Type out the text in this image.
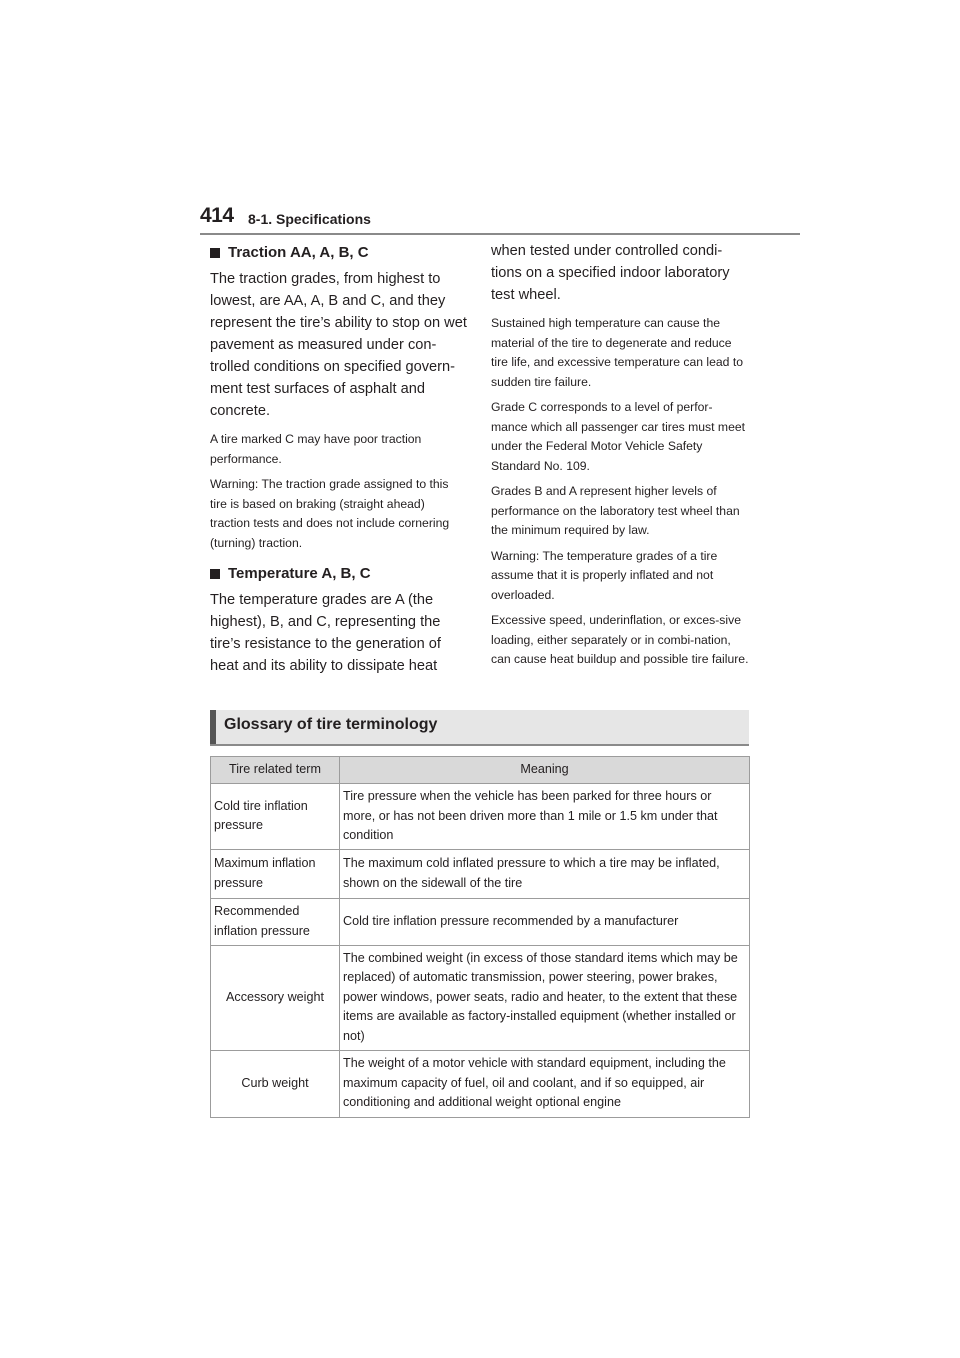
414 8-1. Specifications
Traction AA, A, B, C

The traction grades, from highest to lowest, are AA, A, B and C, and they represent the tire’s ability to stop on wet pavement as measured under con-trolled conditions on specified govern-ment test surfaces of asphalt and concrete.

A tire marked C may have poor traction performance.

Warning: The traction grade assigned to this tire is based on braking (straight ahead) traction tests and does not include cornering (turning) traction.

Temperature A, B, C

The temperature grades are A (the highest), B, and C, representing the tire’s resistance to the generation of heat and its ability to dissipate heat

when tested under controlled condi-tions on a specified indoor laboratory test wheel.

Sustained high temperature can cause the material of the tire to degenerate and reduce tire life, and excessive temperature can lead to sudden tire failure.

Grade C corresponds to a level of perfor-mance which all passenger car tires must meet under the Federal Motor Vehicle Safety Standard No. 109.

Grades B and A represent higher levels of performance on the laboratory test wheel than the minimum required by law.

Warning: The temperature grades of a tire assume that it is properly inflated and not overloaded.

Excessive speed, underinflation, or exces-sive loading, either separately or in combi-nation, can cause heat buildup and possible tire failure.

Glossary of tire terminology
Tire related term	Meaning
Cold tire inflation pressure	Tire pressure when the vehicle has been parked for three hours or more, or has not been driven more than 1 mile or 1.5 km under that condition
Maximum inflation pressure	The maximum cold inflated pressure to which a tire may be inflated, shown on the sidewall of the tire
Recommended inflation pressure	Cold tire inflation pressure recommended by a manufacturer
Accessory weight	The combined weight (in excess of those standard items which may be replaced) of automatic transmission, power steering, power brakes, power windows, power seats, radio and heater, to the extent that these items are available as factory-installed equipment (whether installed or not)
Curb weight	The weight of a motor vehicle with standard equipment, including the maximum capacity of fuel, oil and coolant, and if so equipped, air conditioning and additional weight optional engine
